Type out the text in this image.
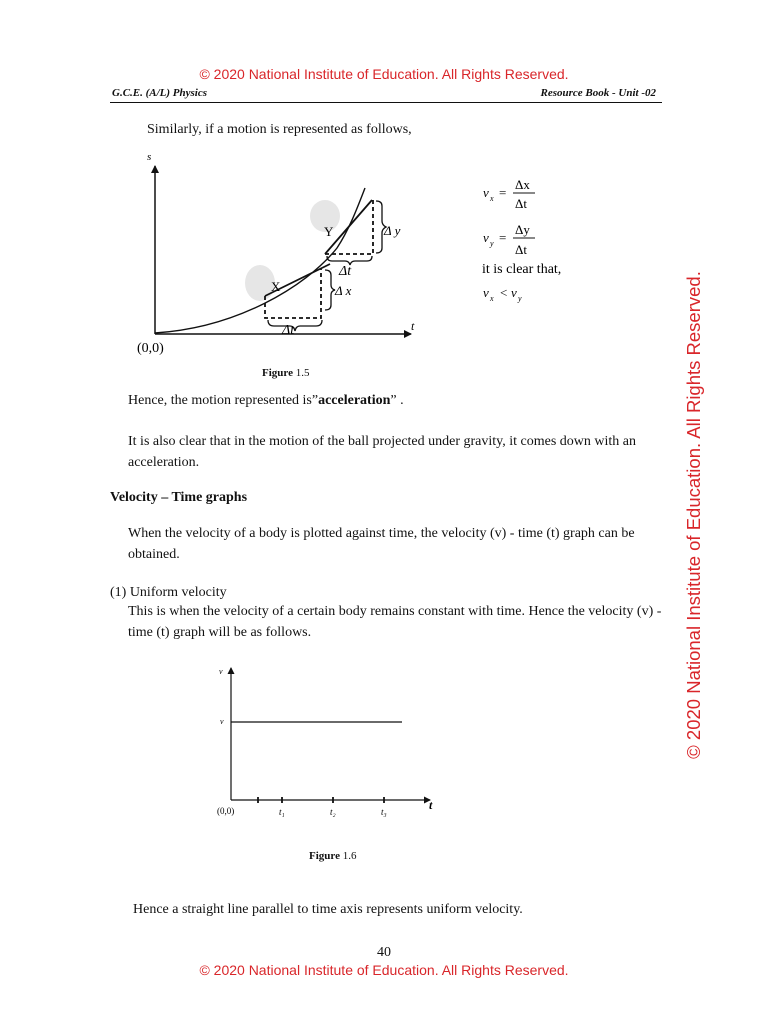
© 2020 National Institute of Education. All Rights Reserved.
© 2020 National Institute of Education. All Rights Reserved.
G.C.E. (A/L) Physics	Resource Book - Unit -02
Similarly, if a motion is represented as follows,
s
t
(0,0)
X
Y
Δt
Δt
Δ x
Δ y
v x =
Δx
Δt
v y =
Δy
Δt
it is clear that,
v x < v y
Figure 1.5
Hence, the motion represented is”acceleration” .
It is also clear that in the motion of the ball projected under gravity, it comes down with an acceleration.
Velocity – Time graphs
When the velocity of a body is plotted against time, the velocity (v) - time (t) graph can be obtained.
(1) Uniform velocity
This is when the velocity of a certain body remains constant with time. Hence the velocity (v) - time (t) graph will be as follows.
v
v
(0,0)	t
t₁	t₂	t₃
Figure 1.6
Hence a straight line parallel to time axis represents uniform velocity.
40
© 2020 National Institute of Education. All Rights Reserved.
